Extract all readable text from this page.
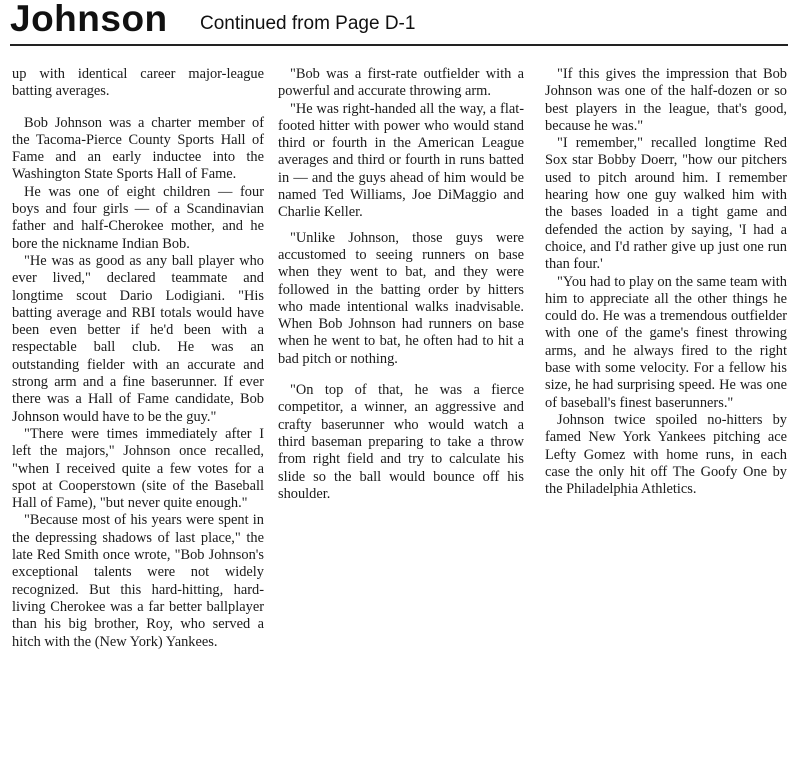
Johnson Continued from Page D-1

up with identical career major-league batting averages.

Bob Johnson was a charter member of the Tacoma-Pierce County Sports Hall of Fame and an early inductee into the Washington State Sports Hall of Fame.

He was one of eight children — four boys and four girls — of a Scandinavian father and half-Cherokee mother, and he bore the nickname Indian Bob.

"He was as good as any ball player who ever lived," declared teammate and longtime scout Dario Lodigiani. "His batting average and RBI totals would have been even better if he'd been with a respectable ball club. He was an outstanding fielder with an accurate and strong arm and a fine baserunner. If ever there was a Hall of Fame candidate, Bob Johnson would have to be the guy."

"There were times immediately after I left the majors," Johnson once recalled, "when I received quite a few votes for a spot at Cooperstown (site of the Baseball Hall of Fame), "but never quite enough."

"Because most of his years were spent in the depressing shadows of last place," the late Red Smith once wrote, "Bob Johnson's exceptional talents were not widely recognized. But this hard-hitting, hard-living Cherokee was a far better ballplayer than his big brother, Roy, who served a hitch with the (New York) Yankees.

"Bob was a first-rate outfielder with a powerful and accurate throwing arm.

"He was right-handed all the way, a flat-footed hitter with power who would stand third or fourth in the American League averages and third or fourth in runs batted in — and the guys ahead of him would be named Ted Williams, Joe DiMaggio and Charlie Keller.

"Unlike Johnson, those guys were accustomed to seeing runners on base when they went to bat, and they were followed in the batting order by hitters who made intentional walks inadvisable. When Bob Johnson had runners on base when he went to bat, he often had to hit a bad pitch or nothing.

"On top of that, he was a fierce competitor, a winner, an aggressive and crafty baserunner who would watch a third baseman preparing to take a throw from right field and try to calculate his slide so the ball would bounce off his shoulder.

"If this gives the impression that Bob Johnson was one of the half-dozen or so best players in the league, that's good, because he was."

"I remember," recalled longtime Red Sox star Bobby Doerr, "how our pitchers used to pitch around him. I remember hearing how one guy walked him with the bases loaded in a tight game and defended the action by saying, 'I had a choice, and I'd rather give up just one run than four.'

"You had to play on the same team with him to appreciate all the other things he could do. He was a tremendous outfielder with one of the game's finest throwing arms, and he always fired to the right base with some velocity. For a fellow his size, he had surprising speed. He was one of baseball's finest baserunners."

Johnson twice spoiled no-hitters by famed New York Yankees pitching ace Lefty Gomez with home runs, in each case the only hit off The Goofy One by the Philadelphia Athletics.
